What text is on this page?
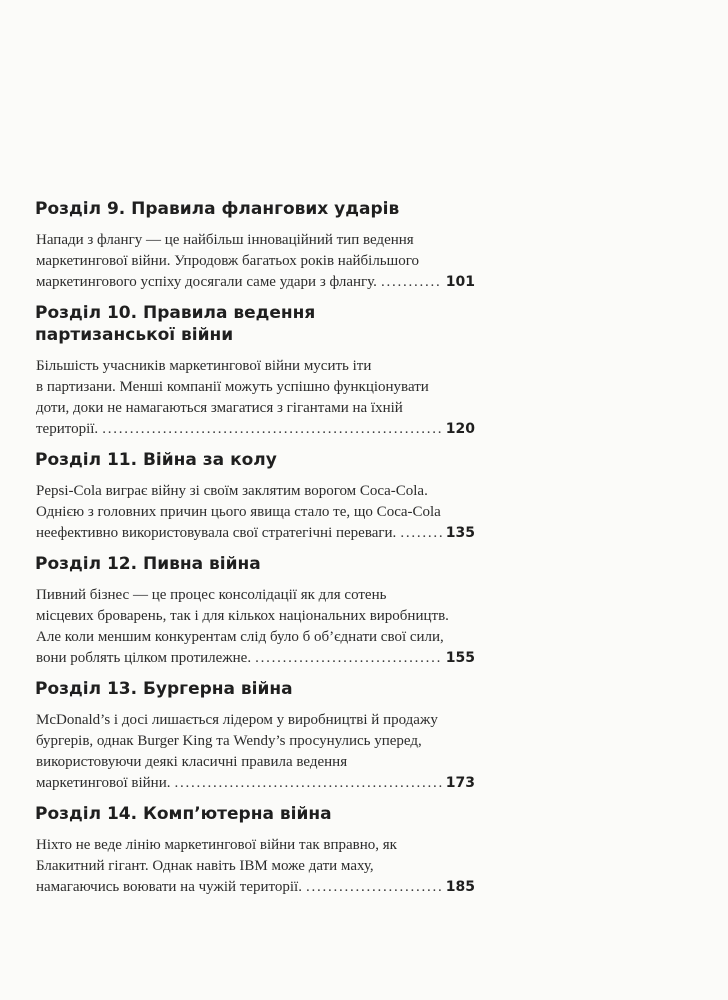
Розділ 9. Правила флангових ударів
Напади з флангу — це найбільш інноваційний тип ведення
маркетингової війни. Упродовж багатьох років найбільшого
маркетингового успіху досягали саме удари з флангу. . . .	101
Розділ 10. Правила ведення
партизанської війни
Більшість учасників маркетингової війни мусить іти
в партизани. Менші компанії можуть успішно функціонувати
доти, доки не намагаються змагатися з гігантами на їхній
території. . . .	120
Розділ 11. Війна за колу
Pepsi-Cola виграє війну зі своїм заклятим ворогом Coca-Cola.
Однією з головних причин цього явища стало те, що Coca-Cola
неефективно використовувала свої стратегічні переваги. . . .	135
Розділ 12. Пивна війна
Пивний бізнес — це процес консолідації як для сотень
місцевих броварень, так і для кількох національних виробництв.
Але коли меншим конкурентам слід було б об’єднати свої сили,
вони роблять цілком протилежне. . . .	155
Розділ 13. Бургерна війна
McDonald’s і досі лишається лідером у виробництві й продажу
бургерів, однак Burger King та Wendy’s просунулись уперед,
використовуючи деякі класичні правила ведення
маркетингової війни. . . .	173
Розділ 14. Комп’ютерна війна
Ніхто не веде лінію маркетингової війни так вправно, як
Блакитний гігант. Однак навіть IBM може дати маху,
намагаючись воювати на чужій території. . . .	185
